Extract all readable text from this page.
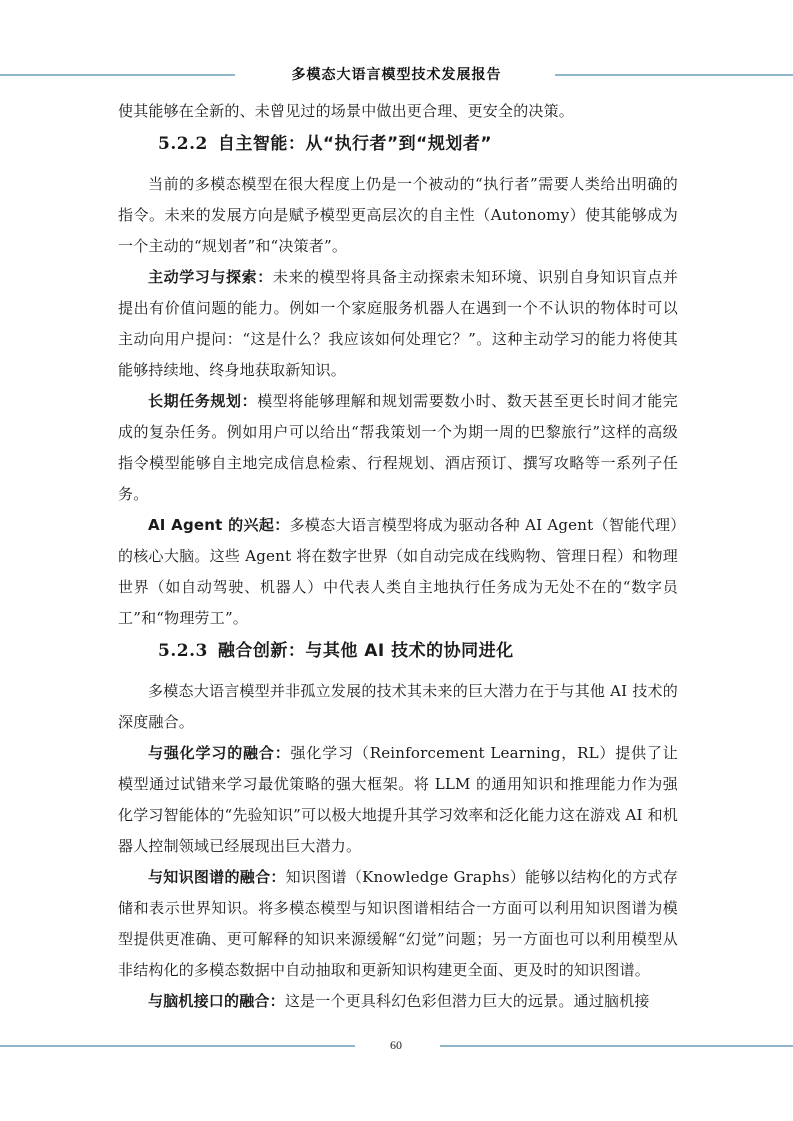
多模态大语言模型技术发展报告

使其能够在全新的、未曾见过的场景中做出更合理、更安全的决策。

5.2.2 自主智能：从“执行者”到“规划者”

当前的多模态模型在很大程度上仍是一个被动的“执行者”需要人类给出明确的指令。未来的发展方向是赋予模型更高层次的自主性（Autonomy）使其能够成为一个主动的“规划者”和“决策者”。

主动学习与探索：未来的模型将具备主动探索未知环境、识别自身知识盲点并提出有价值问题的能力。例如一个家庭服务机器人在遇到一个不认识的物体时可以主动向用户提问：“这是什么？我应该如何处理它？”。这种主动学习的能力将使其能够持续地、终身地获取新知识。

长期任务规划：模型将能够理解和规划需要数小时、数天甚至更长时间才能完成的复杂任务。例如用户可以给出“帮我策划一个为期一周的巴黎旅行”这样的高级指令模型能够自主地完成信息检索、行程规划、酒店预订、撰写攻略等一系列子任务。

AI Agent 的兴起：多模态大语言模型将成为驱动各种 AI Agent（智能代理）的核心大脑。这些 Agent 将在数字世界（如自动完成在线购物、管理日程）和物理世界（如自动驾驶、机器人）中代表人类自主地执行任务成为无处不在的“数字员工”和“物理劳工”。

5.2.3 融合创新：与其他 AI 技术的协同进化

多模态大语言模型并非孤立发展的技术其未来的巨大潜力在于与其他 AI 技术的深度融合。

与强化学习的融合：强化学习（Reinforcement Learning，RL）提供了让模型通过试错来学习最优策略的强大框架。将 LLM 的通用知识和推理能力作为强化学习智能体的“先验知识”可以极大地提升其学习效率和泛化能力这在游戏 AI 和机器人控制领域已经展现出巨大潜力。

与知识图谱的融合：知识图谱（Knowledge Graphs）能够以结构化的方式存储和表示世界知识。将多模态模型与知识图谱相结合一方面可以利用知识图谱为模型提供更准确、更可解释的知识来源缓解“幻觉”问题；另一方面也可以利用模型从非结构化的多模态数据中自动抽取和更新知识构建更全面、更及时的知识图谱。

与脑机接口的融合：这是一个更具科幻色彩但潜力巨大的远景。通过脑机接

60
